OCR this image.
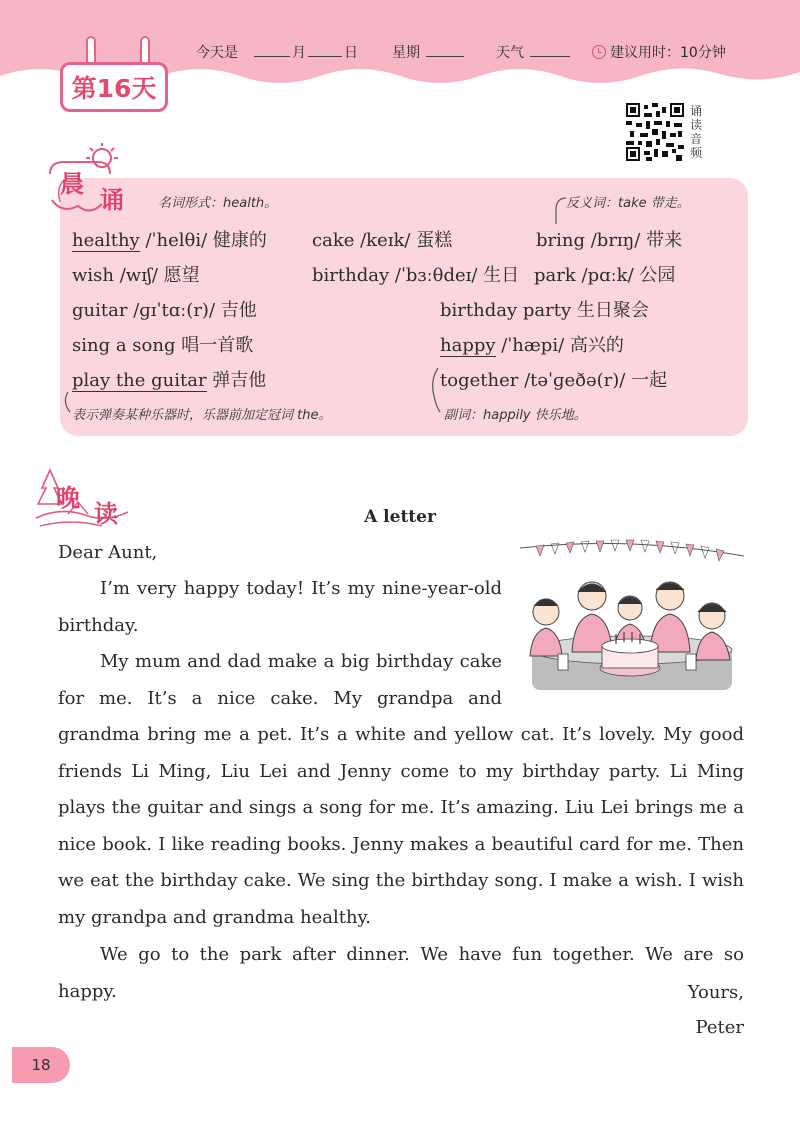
第16天
今天是	月	日 星期	天气	建议用时：10分钟
诵读音频
晨
诵	名词形式：health。	反义词：take 带走。
healthy /ˈhelθi/ 健康的	cake /keɪk/ 蛋糕	bring /brɪŋ/ 带来
wish /wɪʃ/ 愿望	birthday /ˈbɜːθdeɪ/ 生日 park /pɑːk/ 公园
guitar /ɡɪˈtɑː(r)/ 吉他	birthday party 生日聚会
sing a song 唱一首歌	happy /ˈhæpi/ 高兴的
play the guitar 弹吉他	together /təˈɡeðə(r)/ 一起
表示弹奏某种乐器时，乐器前加定冠词 the。	副词：happily 快乐地。
晚
读	A letter
Dear Aunt,
I’m very happy today! It’s my nine-year-old birthday.
My mum and dad make a big birthday cake for me. It’s a nice cake. My grandpa and
grandma bring me a pet. It’s a white and yellow cat. It’s lovely. My good friends Li Ming, Liu Lei and Jenny come to my birthday party. Li Ming plays the guitar and sings a song for me. It’s amazing. Liu Lei brings me a nice book. I like reading books. Jenny makes a beautiful card for me. Then we eat the birthday cake. We sing the birthday song. I make a wish. I wish my grandpa and grandma healthy.
We go to the park after dinner. We have fun together. We are so happy.	Yours,
Peter
18
